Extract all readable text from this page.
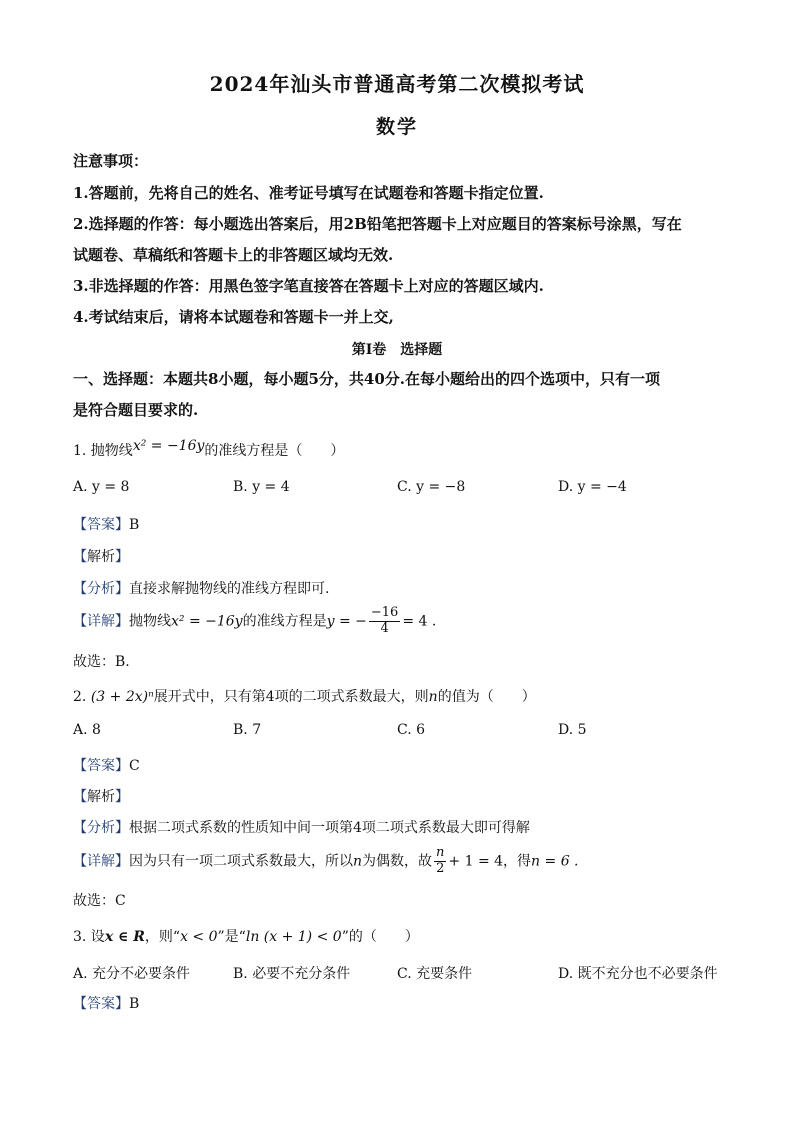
2024年汕头市普通高考第二次模拟考试
数学
注意事项：
1.答题前，先将自己的姓名、准考证号填写在试题卷和答题卡指定位置.
2.选择题的作答：每小题选出答案后，用2B铅笔把答题卡上对应题目的答案标号涂黑，写在
试题卷、草稿纸和答题卡上的非答题区域均无效.
3.非选择题的作答：用黑色签字笔直接答在答题卡上对应的答题区域内.
4.考试结束后，请将本试题卷和答题卡一并上交,
第Ⅰ卷　选择题
一、选择题：本题共8小题，每小题5分，共40分.在每小题给出的四个选项中，只有一项
是符合题目要求的.
1. 抛物线x² = −16y的准线方程是（　　）
A. y = 8	B. y = 4	C. y = −8	D. y = −4
【答案】B
【解析】
【分析】直接求解抛物线的准线方程即可.
【详解】抛物线x² = −16y的准线方程是y = − $\frac{-16}{4} = 4$ .
故选：B.
2. (3 + 2x)ⁿ展开式中，只有第4项的二项式系数最大，则n的值为（　　）
A. 8	B. 7	C. 6	D. 5
【答案】C
【解析】
【分析】根据二项式系数的性质知中间一项第4项二项式系数最大即可得解
【详解】因为只有一项二项式系数最大，所以n为偶数，故 $\frac{n}{2} + 1 = 4$，得n = 6 .
故选：C
3. 设x ∈ R，则“x < 0”是“ln (x + 1) < 0”的（　　）
A. 充分不必要条件	B. 必要不充分条件	C. 充要条件	D. 既不充分也不必要条件
【答案】B
